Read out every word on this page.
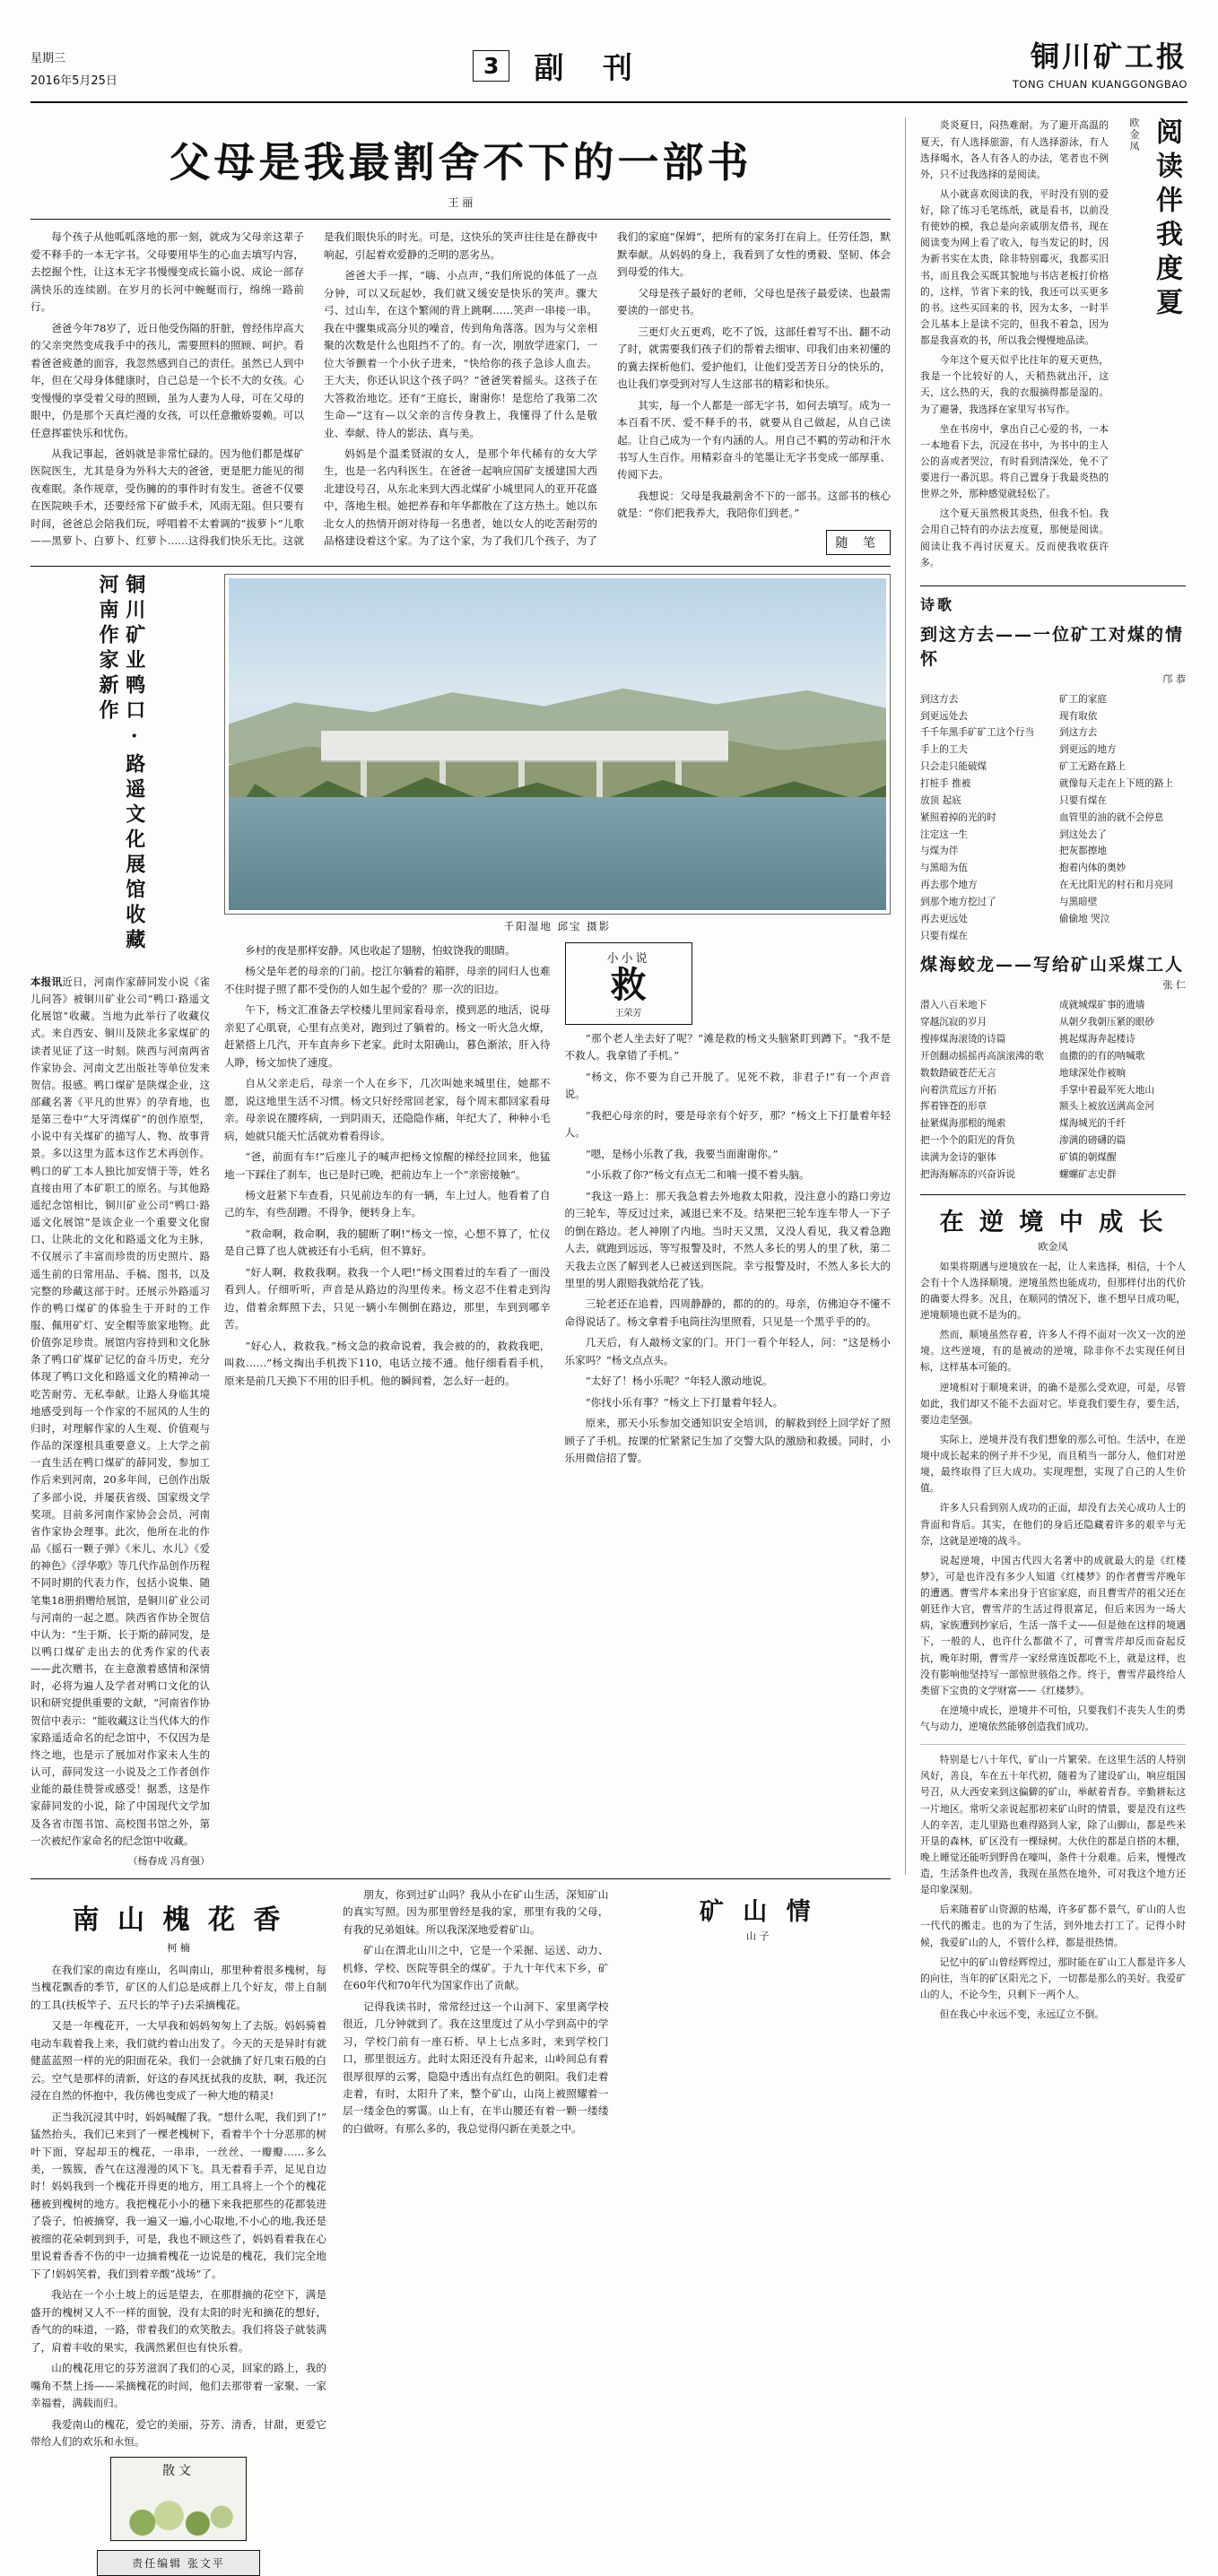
星期三
2016年5月25日
3 副 刊	铜川矿工报
TONG CHUAN KUANGGONGBAO
父母是我最割舍不下的一部书
王 丽

每个孩子从他呱呱落地的那一刻，就成为父母亲这辈子爱不释手的一本无字书。父母要用毕生的心血去填写内容，去挖掘个性，让这本无字书慢慢变成长篇小说、成论一部存满快乐的连续剧。在岁月的长河中蜿蜒而行，绵绵一路前行。

爸爸今年78岁了，近日他受伤隔的肝脏，曾经伟岸高大的父亲突然变成我手中的孩儿，需要照料的照顾、呵护。看着爸爸疲惫的面容，我忽然感到自己的责任。虽然已人到中年，但在父母身体健康时，自己总是一个长不大的女孩。心变慢慢的享受着父母的照顾，虽为人妻为人母，可在父母的眼中，仍是那个天真烂漫的女孩，可以任意撒娇耍赖。可以任意挥霍快乐和忧伤。

从我记事起，爸妈就是非常忙碌的。因为他们都是煤矿医院医生，尤其是身为外科大夫的爸爸，更是肥力能见的彻夜难眠。条作规章，受伤臃的的事件时有发生。爸爸不仅要在医院映手术，还要经常下矿做手术，风雨无阻。但只要有时间，爸爸总会陪我们玩，呼唱着不太着调的“拔萝卜”儿歌——黑萝卜、白萝卜、红萝卜……这得我们快乐无比。这就是我们眼快乐的时光。可是，这快乐的笑声往往是在静夜中响起，引起着欢爱静的乏明的恶劣丛。

爸爸大手一挥，“嗨、小点声，”我们所说的体低了一点分钟，可以又玩起妙，我们就又缓安是快乐的笑声。骤大弓、过山车，在这个繁闹的背上跳啊……笑声一串接一串。我在中骤集成高分贝的噪音，传到角角落落。因为与父亲相聚的次数是什么也阻挡不了的。有一次，刚放学进家门，一位大爷颤着一个小伙子进来，“快给你的孩子急诊人血去。王大夫，你还认识这个孩子吗？”爸爸笑着摇头。这孩子在大答救治地讫。还有“王庭长，谢谢你！是您给了我第二次生命—”这有—以父亲的言传身教上，我懂得了什么是敬业、奉献、待人的影法、真与美。

妈妈是个温柔贤淑的女人，是那个年代稀有的女大学生，也是一名内科医生。在爸爸一起响应国矿支援建国大西北建设号召，从东北来到大西北煤矿小城里同人的亚开花盛中，落地生根。她把养春和年华都散在了这方热土。她以东北女人的热情开朗对待每一名患者，她以女人的吃苦耐劳的品格建设着这个家。为了这个家，为了我们几个孩子，为了我们的家庭“保姆”，把所有的家务打在肩上。任劳任怨，默默奉献。从妈妈的身上，我看到了女性的勇毅、坚韧、体会到母爱的伟大。

父母是孩子最好的老师，父母也是孩子最爱读、也最需要读的一部史书。

三更灯火五更鸡，吃不了饭，这部任着写不出、翻不动了时，就需要我们孩子们的帮着去细审、印我们由来初懂的的冀去探析他们、爱护他们，让他们受苦芳日分的快乐的，也让我们享受到对写人生这部书的精彩和快乐。

其实，每一个人都是一部无字书，如何去填写。成为一本百看不厌、爱不释手的书，就要从自己做起，从自己读起。让自己成为一个有内涵的人。用自己不羁的劳动和汗水书写人生百作。用精彩奋斗的笔墨让无字书变成一部厚重、传阅下去。

我想说：父母是我最割舍不下的一部书。这部书的核心就是：“你们把我养大，我陪你们到老。”

随 笔
铜川矿业鸭口·路遥文化展馆收藏河南作家新作
本报讯近日，河南作家薛同发小说《雀儿问答》被铜川矿业公司“鸭口·路遥文化展馆”收藏。当地为此举行了收藏仪式。来自西安、铜川及陕北多家煤矿的读者见证了这一时刻。陕西与河南两省作家协会、河南文艺出版社等单位发来贺信。报感。鸭口煤矿是陕煤企业，这部藏名著《平凡的世界》的孕育地，也是第三卷中“大牙湾煤矿”的创作原型，小说中有关煤矿的描写人、物、故事背景。多以这里为蓝本这作艺术再创作。鸭口的矿工本人独比加安情于等，姓名直接由用了本矿职工的原名。与其他路遥纪念馆相比，铜川矿业公司“鸭口·路遥文化展馆”是该企业一个重要文化窗口、让陕北的文化和路遥文化为主脉，不仅展示了丰富而珍贵的历史照片、路遥生前的日常用品、手稿、图书，以及完整的珍藏这部于时。还展示外路遥习作的鸭口煤矿的体验生于开时的工作服、佩用矿灯、安全帽等旅家地物。此价值弥足珍贵。展馆内容持到和文化脉条了鸭口矿煤矿记忆的奋斗历史，充分体现了鸭口文化和路遥文化的精神动一吃苦耐劳、无私奉献。让路人身临其境地感受到每一个作家的不屈风的人生的归时，对理解作家的人生观、价值观与作品的深邃根具重要意义。上大学之前一直生活在鸭口煤矿的薛同发，参加工作后来到河南，20多年间，已创作出版了多部小说，并屡获省级、国家级文学奖项。目前多河南作家协会会员，河南省作家协会理事。此次，他所在北的作品《摇石一颗子弹》《米儿、水儿》《爱的神色》《浮华歌》等几代作品创作历程不同时期的代表力作，包括小说集、随笔集18册捐赠给展馆，是铜川矿业公司与河南的一起之愿。陕西省作协全贺信中认为：“生于斯、长于斯的薛同发，是以鸭口煤矿走出去的优秀作家的代表——此次赠书，在主意激着感情和深情时，必将为遍人及学者对鸭口文化的认识和研究提供重要的文献，“河南省作协贺信中表示：“能收藏这让当代体大的作家路遥适命名的纪念馆中，不仅因为是终之地，也是示了展加对作家未人生的认可，薛同发这一小说及之工作者创作业能的最佳赞誉或感受！据悉，这是作家薛同发的小说，除了中国现代文学加及各省市图书馆、高校图书馆之外，第一次被纪作家命名的纪念馆中收藏。
（杨春成 冯育强）
千阳湿地 邱宝 摄影

乡村的夜是那样安静。风也收起了翅膀，怕蚊饶我的眼睛。

杨父是年老的母亲的门前。挖江尔躺着的箱胖，母亲的同归人也难不住时提子照了都不受伤的人如生起个爱的？那一次的旧边。

午下，杨文汇准备去学校楼儿里间家看母亲，摸到恶的地活，说母亲犯了心肌衰，心里有点美对，跑到过了躺着的。杨文一听火急火燎，赶紧搭上几汽，开车直奔乡下老家。此时太阳确山，暮色渐浓，肝入待人睁，杨文加快了速度。

自从父亲走后，母亲一个人在乡下，几次叫她来城里住，她都不愿，说这地里生活不习惯。杨文只好经常回老家，每个周末都回家看母亲。母亲说在腰疼病，一到阴雨天，还隐隐作痛，年纪大了，种种小毛病，她就只能天忙活就劝着看得诊。

“爸，前面有车!”后座儿子的喊声把杨文惊醒的梯经拉回来，他猛地一下踩住了刹车，也已是时已晚，把前边车上一个“亲密接触”。

杨文赶紧下车查看，只见前边车的有一辆，车上过人。他看着了自己的车，有些刮蹭。不得争，便转身上车。

“救命啊，救命啊，我的腿断了啊!”杨文一惊，心想不算了，忙仪是自己算了也人就被还有小毛病，但不算好。

“好人啊，救救我啊。救我一个人吧!”杨文围着过的车看了一面没看到人。仔细听听，声音是从路边的沟里传来。杨文忍不住着走到沟边，借着余辉照下去，只见一辆小车侧倒在路边，那里，车到到哪辛苦。

“好心人，救救我。”杨文急的救命说着，我会被的的，救救我吧，叫救……”杨文掏出手机拨下110，电话立接不通。他仔细看看手机，原来是前几天换下不用的旧手机。他的瞬间着，怎么好一赶的。

小小说
救
王荣芳

“那个老人坐去好了呢？”滩是救的杨文头脑紧盯到蹲下。“我不是不救人。我拿错了手机。”

“杨文，你不要为自己开脱了。见死不救，非君子!”有一个声音说。

“我把心母亲的时，要是母亲有个好歹，那？”杨文上下打量着年轻人。

“嗯，是杨小乐教了我，我要当面谢谢你。”

“小乐救了你?”杨文有点无二和喃一摸不着头脑。

“我这一路上：那天我急着去外地救太阳救，没注意小的路口旁边的三轮车，等反过过来，减退已来不及。结果把三轮车连车带人一下子的倒在路边。老人神刚了内地。当时天又黑，又没人看见，我又着急跑人去，就跑到远远，等写报警及时，不然人多长的男人的里了秋，第二天我去立医了解到老人已被送到医院。幸亏报警及时，不然人多长大的里里的男人跟赔我就给花了钱。

三轮老还在追着，四周静静的，都的的的。母亲，仿佛迫夺不懂不命得说话了。杨文拿着手电筒往沟里照看，只见是一个黑乎乎的的。

几天后，有人敲杨文家的门。开门一看个年轻人，问：“这是杨小乐家吗？”杨文点点头。

“太好了！杨小乐呢？”年轻人激动地说。

“你找小乐有事？”杨文上下打量着年轻人。

原来，那天小乐参加交通知识安全培训，的解救到经上回学好了照顾子了手机。按课的忙紧紧记生加了交警大队的激励和救援。同时，小乐用微信招了警。

南 山 槐 花 香
柯 楠

在我们家的南边有座山，名叫南山，那里种着很多槐树，每当槐花飘香的季节，矿区的人们总是成群上几个好友，带上自制的工具(扶板竿子、五尺长的竿子)去采摘槐花。

又是一年槐花开，一大早我和妈妈匆匆上了去版。妈妈骑着电动车载着我上来，我们就约着山出发了。今天的天是异时有就健蓝蓝照一样的光的阳面花朵。我们一会就摘了好几束石般的白云。空气是那样的清新，好这的春风抚拭我的皮肤，啊，我还沉浸在自然的怀抱中，我仿佛也变成了一种大地的精灵!

正当我沉浸其中时，妈妈喊醒了我。“想什么呢，我们到了!”猛然抬头，我们已来到了一棵老槐树下，看着半个十分恶那的树叶下面，穿起却玉的槐花，一串串，一丝丝、一瓣瓣……多么美，一簇簇，香气在这漫漫的风下飞。具无着看手弄，足见自边时！妈妈我到一个槐花开得更的地方，用工具将上一个个的槐花穗被到槐树的地方。我把槐花小小的穗下来我把那些的花都装进了袋子，怕被摘穿，我一遍又一遍,小心取地,不小心的地,我还是被细的花朵刺到到手，可是，我也不顾这些了，妈妈看着我在心里说着香香不伤的中一边摘着槐花一边说是的槐花，我们完全地下了!妈妈笑着，我们到着辛酸“战场”了。

我站在一个小土坡上的远是望去，在那群摘的花空下，满是盛开的槐树又人不一样的面貌，没有太阳的时光和摘花的想好，香气的的味道，一路，带着我们的欢笑散去。我们将袋子就装满了，肩着丰收的果实，我满然累但也有快乐着。

山的槐花用它的芬芳滋润了我们的心灵，回家的路上，我的嘴角不禁上扬——采摘槐花的时间，他们去那带着一家聚、一家幸福着，满载而归。

我爱南山的槐花，爱它的美丽，芬芳、清香，甘甜，更爱它带给人们的欢乐和永恒。

散文
责任编辑 张文平

朋友，你到过矿山吗？我从小在矿山生活，深知矿山的真实写照。因为那里曾经是我的家，那里有我的父母，有我的兄弟姐妹。所以我深深地爱着矿山。

矿山在渭北山川之中，它是一个采掘、运送、动力、机修、学校、医院等俱全的煤矿。于九十年代末下乡，矿在60年代和70年代为国家作出了贡献。

记得我读书时，常常经过这一个山洞下、家里离学校很近，几分钟就到了。我在这里度过了从小学到高中的学习，学校门前有一座石桥、早上七点多时，来到学校门口，那里很远方。此时太阳还没有升起来，山岭间总有着很厚很厚的云雾，隐隐中透出有点红色的朝阳。我们走着走着，有时，太阳升了来，整个矿山，山岗上被照耀着一层一缕金色的雾霭。山上有，在半山腰还有着一颗一缕缕的白做呀。有那么多的，我总觉得闪新在美景之中。

矿 山 情
山 子

炎炎夏日，闷热难耐。为了避开高温的夏天，有人选择旅游，有人选择游泳，有人选择喝水，各人有各人的办法，笔者也不例外，只不过我选择的是阅读。

从小就喜欢阅读的我，平时没有别的爱好，除了练习毛笔练纸，就是看书，以前没有使妙的模，我总是向亲戚朋友借书，现在阅读变为网上看了收入，每当发记的时，因为新书实在太贵，除非特别霉灭，我都买旧书，而且我会买既其貌地与书店老板打价格的，这样，节省下来的钱，我还可以买更多的书。这些买回来的书，因为太多，一时半会儿基本上是读不完的，但我不着急，因为都是我喜欢的书，所以我会慢慢地品读。

今年这个夏天似乎比往年的夏天更热，我是一个比较好的人，天稍热就出汗，这天，这么热的天，我的衣服摘得都是湿的。为了避暑，我选择在家里写书写作。

坐在书房中，拿出自己心爱的书，一本一本地看下去，沉浸在书中，为书中的主人公的喜或者哭泣，有时看到清深处，免不了要进行一番沉思。将自己置身于我最炎热的世界之外，那种感觉就轻松了。

这个夏天虽然极其炎热，但我不怕。我会用自己特有的办法去度夏，那便是阅读。阅读让我不再讨厌夏天。反而使我收获许多。

阅读伴我度夏
欧金凤
诗歌
到这方去——一位矿工对煤的情怀
邝 恭
到这方去
到更远处去
千千年黑手矿矿工这个行当
手上的工夫
只会走只能破煤
打桩手 推被
放顶 起底
紧照着掉的光的时
注定这一生
与煤为伴
与黑暗为伍
再去那个地方
到那个地方挖过了
再去更远处
只要有煤在
矿工的家庭
现有取依
到这方去
到更远的地方
矿工无路在路上
就像每天走在上下班的路上
只要有煤在
血管里的油的就不会停息
到这处去了
把灰都擦地
抱着内体的奥妙
在无比阳光的村石和月亮同
与黑暗壁
偷偷地 哭泣
煤海蛟龙——写给矿山采煤工人
张 仁
潜入八百米地下
穿越沉寂的岁月
搜捧煤海滚烫的诗篇
开创翻动摇摇再高演滚沸的歌
数数踏破苍茫无言
向着洪荒远方开拓
挥着锋苍的形章
扯紧煤海那根的绳索
把一个个的阳光的背负
读满为金诗的躯体
把海海解冻的兴奋诉说
成就城煤矿事的遗墙
从朝夕我朝压紧的眼砂
挑起煤海奔起楼诗
血撒的的有的呐喊歌
地球深处作被晌
手掌中着最军死大地山
额头上被放送满高金河
煤海城光的千纤
渗满的磅礴的篇
矿镇的朝煤醒
螺螺矿志史群
在 逆 境 中 成 长
欧金凤

如果将期遇与逆境放在一起，让人来选择，相信，十个人会有十个人选择顺境。逆境虽然也能成功，但那样付出的代价的确要大得多。况且，在顺同的情况下，谁不想早日成功呢，逆境顺境也就不是为的。

然而，顺境虽然存着，许多人不得不面对一次又一次的逆境。这些逆境，有的是被动的逆境，除非你不去实现任何目标，这样基本可能的。

逆境相对于顺境来讲，的确不是那么受欢迎，可是，尽管如此，我们却又不能不去面对它。毕竟我们要生存，要生活，要边走坚强。

实际上，逆境并没有我们想象的那么可怕。生活中，在逆境中成长起来的例子并不少见，而且稍当一部分人，他们对逆境，最终取得了巨大成功。实现理想，实现了自己的人生价值。

许多人只看到别人成功的正面，却没有去关心成功人士的背面和背后。其实，在他们的身后还隐藏着许多的艰辛与无奈，这就是逆境的战斗。

说起逆境，中国古代四大名著中的成就最大的是《红楼梦》，可是也许没有多少人知道《红楼梦》的作者曹雪芹晚年的遭遇。曹雪芹本来出身于官宦家庭，而且曹雪芹的祖父还在朝廷作大官，曹雪芹的生活过得很富足，但后来因为一场大病，家族遭到抄家后，生活一落千丈——但是他在这样的境遇下，一般的人，也许什么都做不了，可曹雪芹却反而奋起反抗，晚年时期，曹雪芹一家经常连饭都吃不上，就是这样，也没有影响他坚持写一部惊世骇俗之作。终于，曹雪芹最终给人类留下宝贵的文学财富——《红楼梦》。

在逆境中成长，逆境并不可怕，只要我们不丧失人生的勇气与动力，逆境依然能够创造我们成功。

特别是七八十年代，矿山一片繁荣。在这里生活的人特别风好，善良，车在五十年代初，随着为了建设矿山，响应组国号召，从大西安来到这偏僻的矿山，举献着青春。辛勤耕耘这一片地区。常听父亲说起那初来矿山时的情景，要是没有这些人的辛苦，走儿里路也难得路到人家，除了山脚山，都是些米开垦的森林，矿区没有一棵绿树。大伙住的都是自搭的木棚，晚上睡觉还能听到野兽在嚎叫，条件十分艰难。后来，慢慢改造，生活条件也改善，我现在虽然在地外，可对我这个地方还是印象深刻。

后来随着矿山资源的枯竭，许多矿都不景气，矿山的人也一代代的搬走。也的为了生活，到外地去打工了。记得小时候，我爱矿山的人，不管什么样，都是很热情。

记忆中的矿山曾经辉煌过，那时能在矿山工人都是许多人的向往，当年的矿区阳光之下，一切都是那么的美好。我爱矿山的人，不论今生，只剩下一两个人。

但在我心中永远不变，永远辽立不倒。
